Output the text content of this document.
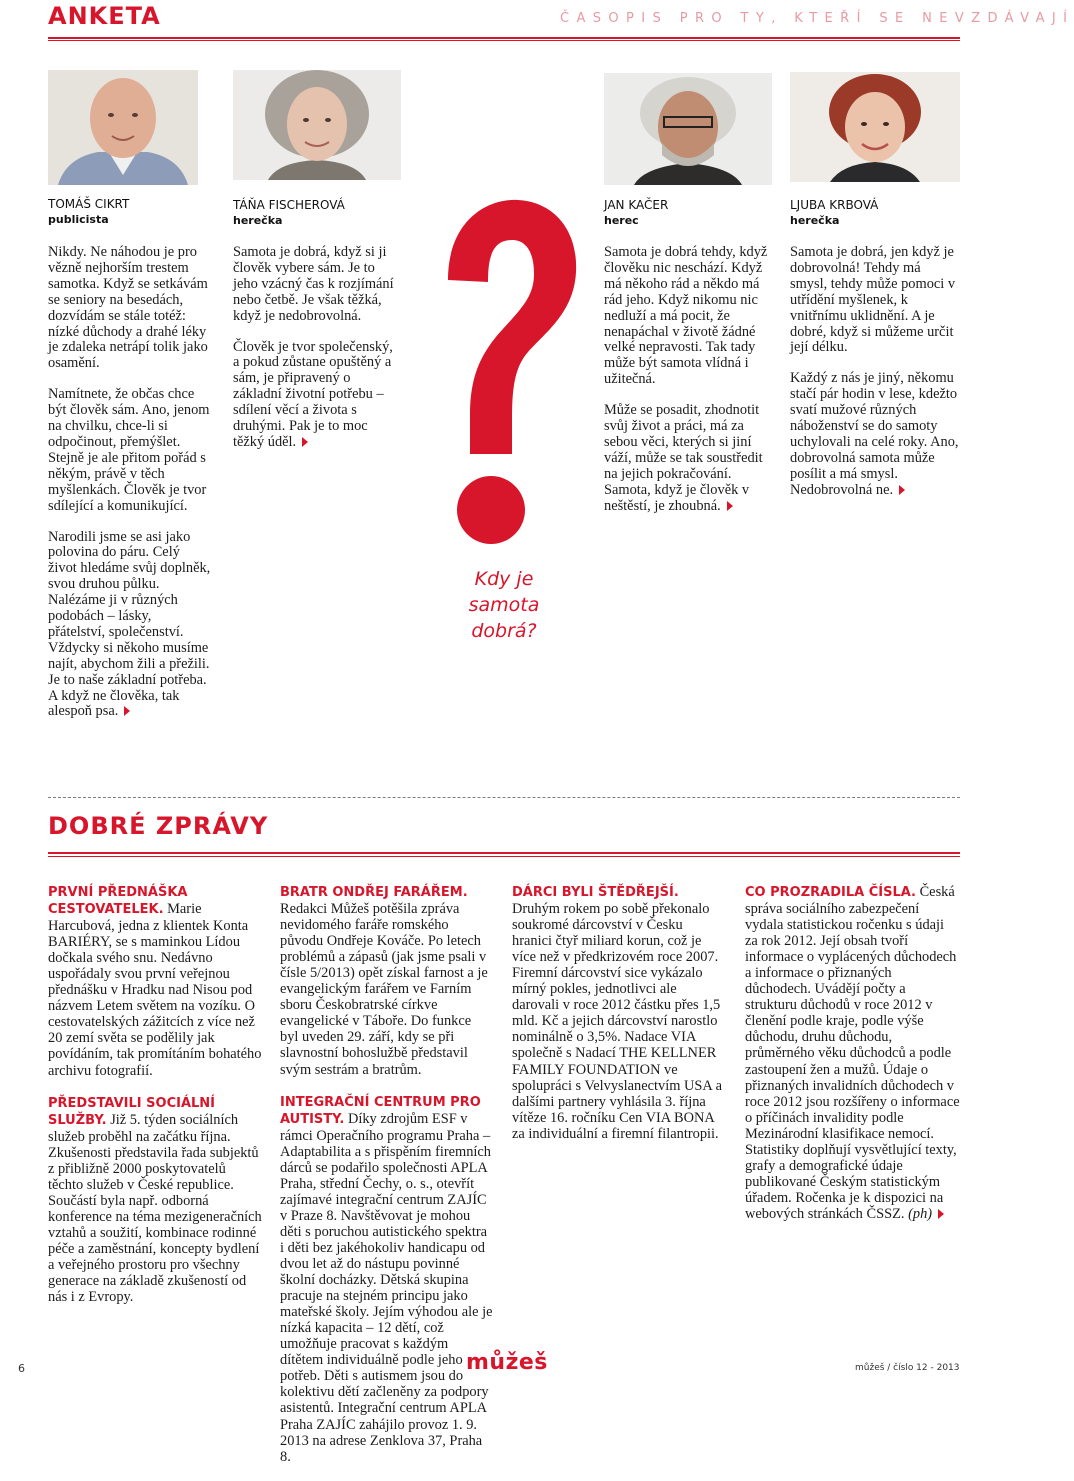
ANKETA	ČASOPIS PRO TY, KTEŘÍ SE NEVZDÁVAJÍ
TOMÁŠ CIKRT
publicista
TÁŇA FISCHEROVÁ
herečka
JAN KAČER
herec
LJUBA KRBOVÁ
herečka

Nikdy. Ne náhodou je pro vězně nejhorším trestem samotka. Když se setkávám se seniory na besedách, dozvídám se stále totéž: nízké důchody a drahé léky je zdaleka netrápí tolik jako osamění.

Namítnete, že občas chce být člověk sám. Ano, jenom na chvilku, chce-li si odpočinout, přemýšlet. Stejně je ale přitom pořád s někým, právě v těch myšlenkách. Člověk je tvor sdílející a komunikující.

Narodili jsme se asi jako polovina do páru. Celý život hledáme svůj doplněk, svou druhou půlku. Nalézáme ji v různých podobách – lásky, přátelství, společenství. Vždycky si někoho musíme najít, abychom žili a přežili. Je to naše základní potřeba. A když ne člověka, tak alespoň psa.

Samota je dobrá, když si ji člověk vybere sám. Je to jeho vzácný čas k rozjímání nebo četbě. Je však těžká, když je nedobrovolná.

Člověk je tvor společenský, a pokud zůstane opuštěný a sám, je připravený o základní životní potřebu – sdílení věcí a života s druhými. Pak je to moc těžký úděl.

Samota je dobrá tehdy, když člověku nic neschází. Když má někoho rád a někdo má rád jeho. Když nikomu nic nedluží a má pocit, že nenapáchal v životě žádné velké nepravosti. Tak tady může být samota vlídná i užitečná.

Může se posadit, zhodnotit svůj život a práci, má za sebou věci, kterých si jiní váží, může se tak soustředit na jejich pokračování. Samota, když je člověk v neštěstí, je zhoubná.

Samota je dobrá, jen když je dobrovolná! Tehdy má smysl, tehdy může pomoci v utřídění myšlenek, k vnitřnímu uklidnění. A je dobré, když si můžeme určit její délku.

Každý z nás je jiný, někomu stačí pár hodin v lese, kdežto svatí mužové různých náboženství se do samoty uchylovali na celé roky. Ano, dobrovolná samota může posílit a má smysl. Nedobrovolná ne.

Kdy je samota dobrá?
DOBRÉ ZPRÁVY

PRVNÍ PŘEDNÁŠKA CESTOVATELEK. Marie Harcubová, jedna z klientek Konta BARIÉRY, se s maminkou Lídou dočkala svého snu. Nedávno uspořádaly svou první veřejnou přednášku v Hradku nad Nisou pod názvem Letem světem na vozíku. O cestovatelských zážitcích z více než 20 zemí světa se podělily jak povídáním, tak promítáním bohatého archivu fotografií.

PŘEDSTAVILI SOCIÁLNÍ SLUŽBY. Již 5. týden sociálních služeb proběhl na začátku října. Zkušenosti představila řada subjektů z přibližně 2000 poskytovatelů těchto služeb v České republice. Součástí byla např. odborná konference na téma mezigeneračních vztahů a soužití, kombinace rodinné péče a zaměstnání, koncepty bydlení a veřejného prostoru pro všechny generace na základě zkušeností od nás i z Evropy.

BRATR ONDŘEJ FARÁŘEM. Redakci Můžeš potěšila zpráva nevidomého faráře romského původu Ondřeje Kováče. Po letech problémů a zápasů (jak jsme psali v čísle 5/2013) opět získal farnost a je evangelickým farářem ve Farním sboru Českobratrské církve evangelické v Táboře. Do funkce byl uveden 29. září, kdy se při slavnostní bohoslužbě představil svým sestrám a bratrům.

INTEGRAČNÍ CENTRUM PRO AUTISTY. Díky zdrojům ESF v rámci Operačního programu Praha – Adaptabilita a s přispěním firemních dárců se podařilo společnosti APLA Praha, střední Čechy, o. s., otevřít zajímavé integrační centrum ZAJÍC v Praze 8. Navštěvovat je mohou děti s poruchou autistického spektra i děti bez jakéhokoliv handicapu od dvou let až do nástupu povinné školní docházky. Dětská skupina pracuje na stejném principu jako mateřské školy. Jejím výhodou ale je nízká kapacita – 12 dětí, což umožňuje pracovat s každým dítětem individuálně podle jeho potřeb. Děti s autismem jsou do kolektivu dětí začleněny za podpory asistentů. Integrační centrum APLA Praha ZAJÍC zahájilo provoz 1. 9. 2013 na adrese Zenklova 37, Praha 8.

DÁRCI BYLI ŠTĚDŘEJŠÍ. Druhým rokem po sobě překonalo soukromé dárcovství v Česku hranici čtyř miliard korun, což je více než v předkrizovém roce 2007. Firemní dárcovství sice vykázalo mírný pokles, jednotlivci ale darovali v roce 2012 částku přes 1,5 mld. Kč a jejich dárcovství narostlo nominálně o 3,5%. Nadace VIA společně s Nadací THE KELLNER FAMILY FOUNDATION ve spolupráci s Velvyslanectvím USA a dalšími partnery vyhlásila 3. října vítěze 16. ročníku Cen VIA BONA za individuální a firemní filantropii.

CO PROZRADILA ČÍSLA. Česká správa sociálního zabezpečení vydala statistickou ročenku s údaji za rok 2012. Její obsah tvoří informace o vyplácených důchodech a informace o přiznaných důchodech. Uvádějí počty a strukturu důchodů v roce 2012 v členění podle kraje, podle výše důchodu, druhu důchodu, průměrného věku důchodců a podle zastoupení žen a mužů. Údaje o přiznaných invalidních důchodech v roce 2012 jsou rozšířeny o informace o příčinách invalidity podle Mezinárodní klasifikace nemocí. Statistiky doplňují vysvětlující texty, grafy a demografické údaje publikované Českým statistickým úřadem. Ročenka je k dispozici na webových stránkách ČSSZ. (ph)

6	můžeš	můžeš / číslo 12 - 2013
